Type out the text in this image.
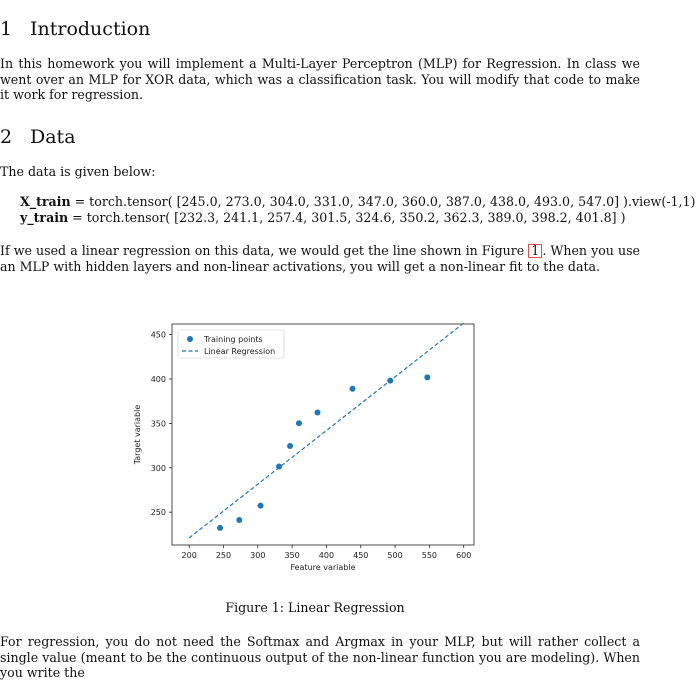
1 Introduction

In this homework you will implement a Multi-Layer Perceptron (MLP) for Regression. In class we went over an MLP for XOR data, which was a classification task. You will modify that code to make it work for regression.

2 Data

The data is given below:

X_train = torch.tensor( [245.0, 273.0, 304.0, 331.0, 347.0, 360.0, 387.0, 438.0, 493.0, 547.0] ).view(-1,1)
y_train = torch.tensor( [232.3, 241.1, 257.4, 301.5, 324.6, 350.2, 362.3, 389.0, 398.2, 401.8] )

If we used a linear regression on this data, we would get the line shown in Figure 1 . When you use an MLP with hidden layers and non-linear activations, you will get a non-linear fit to the data.

200 250 300 350 400 450 500 550 600
250
300
350
400
450
Feature variable
Target variable
Training points
Linear Regression
Figure 1: Linear Regression

For regression, you do not need the Softmax and Argmax in your MLP, but will rather collect a single value (meant to be the continuous output of the non-linear function you are modeling). When you write the
